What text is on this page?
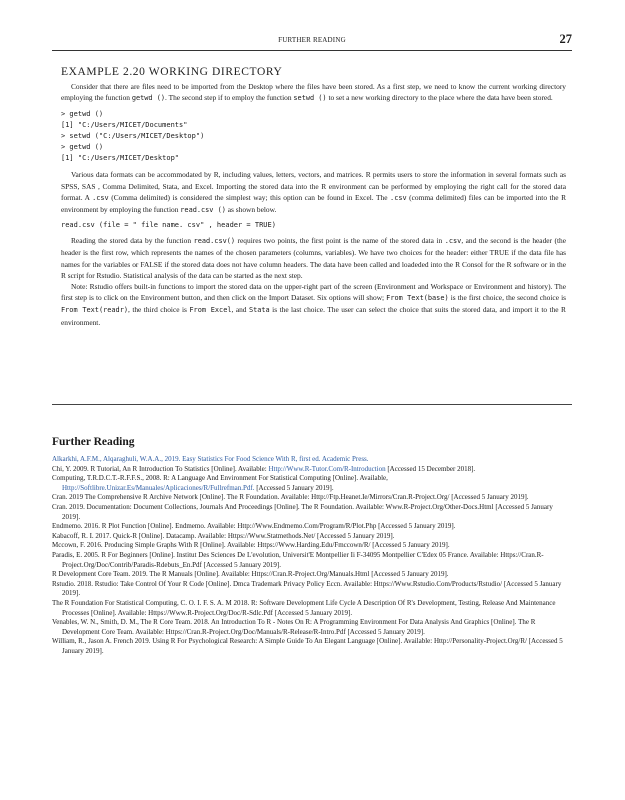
FURTHER READING	27
EXAMPLE 2.20 WORKING DIRECTORY

Consider that there are files need to be imported from the Desktop where the files have been stored. As a first step, we need to know the current working directory employing the function getwd (). The second step if to employ the function setwd () to set a new working directory to the place where the data have been stored.

> getwd ()
[1] "C:/Users/MICET/Documents"
> setwd ("C:/Users/MICET/Desktop")
> getwd ()
[1] "C:/Users/MICET/Desktop"

Various data formats can be accommodated by R, including values, letters, vectors, and matrices. R permits users to store the information in several formats such as SPSS, SAS , Comma Delimited, Stata, and Excel. Importing the stored data into the R environment can be performed by employing the right call for the stored data format. A .csv (Comma delimited) is considered the simplest way; this option can be found in Excel. The .csv (comma delimited) files can be imported into the R environment by employing the function read.csv () as shown below.

read.csv (file = " file name. csv" , header = TRUE)

Reading the stored data by the function read.csv() requires two points, the first point is the name of the stored data in .csv, and the second is the header (the header is the first row, which represents the names of the chosen parameters (columns, variables). We have two choices for the header: either TRUE if the data file has names for the variables or FALSE if the stored data does not have column headers. The data have been called and loadeded into the R Consol for the R software or in the R script for Rstudio. Statistical analysis of the data can be started as the next step.

Note: Rstudio offers built-in functions to import the stored data on the upper-right part of the screen (Environment and Workspace or Environment and history). The first step is to click on the Environment button, and then click on the Import Dataset. Six options will show; From Text(base) is the first choice, the second choice is From Text(readr), the third choice is From Excel, and Stata is the last choice. The user can select the choice that suits the stored data, and import it to the R environment.

Further Reading

Alkarkhi, A.F.M., Alqaraghuli, W.A.A., 2019. Easy Statistics For Food Science With R, first ed. Academic Press.

Chi, Y. 2009. R Tutorial, An R Introduction To Statistics [Online]. Available: Http://Www.R-Tutor.Com/R-Introduction [Accessed 15 December 2018].

Computing, T.R.D.C.T.-R.F.F.S., 2008. R: A Language And Environment For Statistical Computing [Online]. Available, Http://Softlibre.Unizar.Es/Manuales/Aplicaciones/R/Fullrefman.Pdf. [Accessed 5 January 2019].

Cran. 2019 The Comprehensive R Archive Network [Online]. The R Foundation. Available: Http://Ftp.Heanet.Ie/Mirrors/Cran.R-Project.Org/ [Accessed 5 January 2019].

Cran. 2019. Documentation: Document Collections, Journals And Proceedings [Online]. The R Foundation. Available: Www.R-Project.Org/Other-Docs.Html [Accessed 5 January 2019].

Endmemo. 2016. R Plot Function [Online]. Endmemo. Available: Http://Www.Endmemo.Com/Program/R/Plot.Php [Accessed 5 January 2019].

Kabacoff, R. I. 2017. Quick-R [Online]. Datacamp. Available: Https://Www.Statmethods.Net/ [Accessed 5 January 2019].

Mccown, F. 2016. Producing Simple Graphs With R [Online]. Available: Https://Www.Harding.Edu/Fmccown/R/ [Accessed 5 January 2019].

Paradis, E. 2005. R For Beginners [Online]. Institut Des Sciences De L'evolution, Universit'E Montpellier Ii F-34095 Montpellier C'Edex 05 France. Available: Https://Cran.R-Project.Org/Doc/Contrib/Paradis-Rdebuts_En.Pdf [Accessed 5 January 2019].

R Development Core Team. 2019. The R Manuals [Online]. Available: Https://Cran.R-Project.Org/Manuals.Html [Accessed 5 January 2019].

Rstudio. 2018. Rstudio: Take Control Of Your R Code [Online]. Dmca Trademark Privacy Policy Eccn. Available: Https://Www.Rstudio.Com/Products/Rstudio/ [Accessed 5 January 2019].

The R Foundation For Statistical Computing, C. O. I. F. S. A. M 2018. R: Software Development Life Cycle A Description Of R's Development, Testing, Release And Maintenance Processes [Online]. Available: Https://Www.R-Project.Org/Doc/R-Sdlc.Pdf [Accessed 5 January 2019].

Venables, W. N., Smith, D. M., The R Core Team. 2018. An Introduction To R - Notes On R: A Programming Environment For Data Analysis And Graphics [Online]. The R Development Core Team. Available: Https://Cran.R-Project.Org/Doc/Manuals/R-Release/R-Intro.Pdf [Accessed 5 January 2019].

William, R., Jason A. French 2019. Using R For Psychological Research: A Simple Guide To An Elegant Language [Online]. Available: Http://Personality-Project.Org/R/ [Accessed 5 January 2019].
